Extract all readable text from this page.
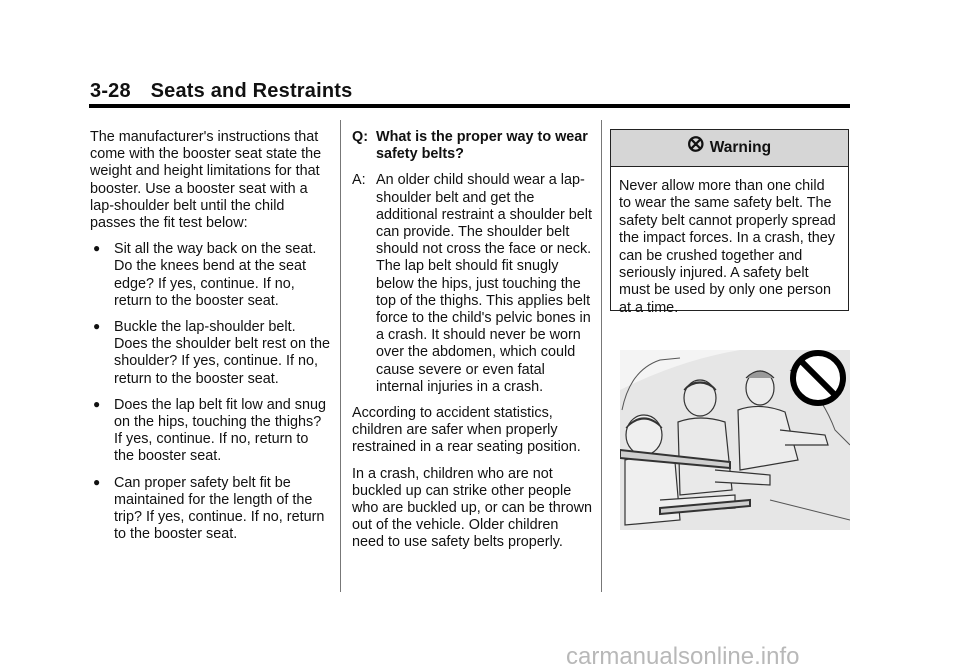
3-28 Seats and Restraints

The manufacturer's instructions that come with the booster seat state the weight and height limitations for that booster. Use a booster seat with a lap-shoulder belt until the child passes the fit test below:

● Sit all the way back on the seat. Do the knees bend at the seat edge? If yes, continue. If no, return to the booster seat.
● Buckle the lap-shoulder belt. Does the shoulder belt rest on the shoulder? If yes, continue. If no, return to the booster seat.
● Does the lap belt fit low and snug on the hips, touching the thighs? If yes, continue. If no, return to the booster seat.
● Can proper safety belt fit be maintained for the length of the trip? If yes, continue. If no, return to the booster seat.
Q: What is the proper way to wear safety belts?
A: An older child should wear a lap-shoulder belt and get the additional restraint a shoulder belt can provide. The shoulder belt should not cross the face or neck. The lap belt should fit snugly below the hips, just touching the top of the thighs. This applies belt force to the child's pelvic bones in a crash. It should never be worn over the abdomen, which could cause severe or even fatal internal injuries in a crash.

According to accident statistics, children are safer when properly restrained in a rear seating position.

In a crash, children who are not buckled up can strike other people who are buckled up, or can be thrown out of the vehicle. Older children need to use safety belts properly.

⭙ Warning
Never allow more than one child to wear the same safety belt. The safety belt cannot properly spread the impact forces. In a crash, they can be crushed together and seriously injured. A safety belt must be used by only one person at a time.
carmanualsonline.info
